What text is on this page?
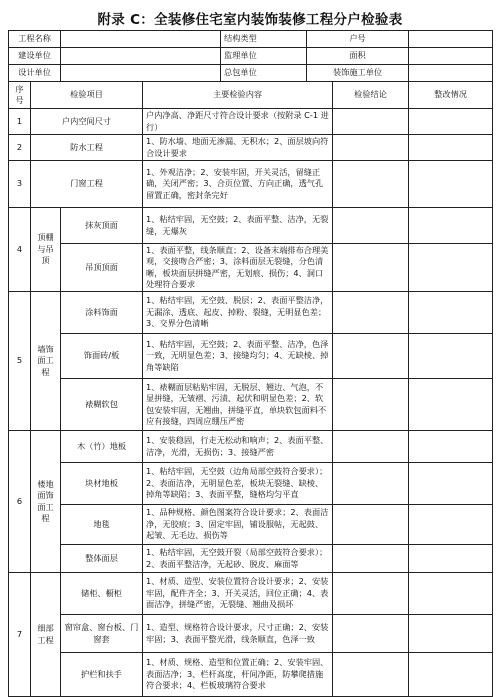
附录 C：全装修住宅室内装饰装修工程分户检验表
工程名称				结构类型	户号		
建设单位				监理单位	面积		
设计单位				总包单位	装饰施工单位		
序号	检验项目		主要检验内容			检验结论	整改情况
1	户内空间尺寸		户内净高、净距尺寸符合设计要求（按附录 C-1 进行）				
2	防水工程		1、防水墙、地面无渗漏、无积水；2、面层坡向符合设计要求				
3	门窗工程		1、外观洁净；2、安装牢固，开关灵活，留缝正确，关闭严密；3、合页位置、方向正确，透气孔留置正确，密封条完好				
4	顶棚与吊顶	抹灰顶面	1、粘结牢固，无空鼓；2、表面平整、洁净，无裂缝，无爆灰				
		吊顶顶面	1、表面平整，线条顺直；2、设备末端排布合理美观，交接吻合严密；3、涂料面层无裂缝，分色清晰，板块面层拼缝严密，无划痕、损伤；4、洞口处理符合要求				
5	墙饰面工程	涂料饰面	1、粘结牢固，无空鼓、脱层；2、表面平整洁净，无漏涂、透底、起皮、掉粉、裂缝，无明显色差；3、交界分色清晰				
		饰面砖/板	1、粘结牢固，无空鼓；2、表面平整、洁净，色泽一致，无明显色差；3、接缝均匀；4、无缺棱、掉角等缺陷				
		裱糊软包	1、裱糊面层粘贴牢固，无脱层、翘边、气泡，不显拼缝，无皱褶、污渍、起伏和明显色差；2、软包安装牢固，无翘曲，拼缝平直，单块软包面料不应有接缝，四周应绷压严密				
6	楼地面饰面工程	木（竹）地板	1、安装稳固，行走无松动和响声；2、表面平整、洁净，光滑，无损伤；3、接缝严密				
		块材地板	1、粘结牢固，无空鼓（边角局部空鼓符合要求）；2、表面洁净，无明显色差，板块无裂缝、缺棱、掉角等缺陷；3、表面平整，缝格均匀平直				
		地毯	1、品种规格、颜色图案符合设计要求；2、表面洁净，无胶痕；3、固定牢固，铺设服帖，无起鼓、起皱、无毛边、损伤等				
		整体面层	1、粘结牢固，无空鼓开裂（局部空鼓符合要求）；2、表面平整洁净，无起砂、脱皮、麻面等				
7	细部工程	储柜、橱柜	1、材质、造型、安装位置符合设计要求；2、安装牢固，配件齐全；3、开关灵活，回位正确；4、表面洁净，拼缝严密，无裂缝、翘曲及损坏				
		窗帘盒、窗台板、门窗套	1、造型、规格符合设计要求，尺寸正确；2、安装牢固；3、表面平整光滑，线条顺直，色泽一致				
		护栏和扶手	1、材质、规格、造型和位置正确；2、安装牢固、表面洁净；3、栏杆高度，杆间净距，防攀爬措施符合要求；4、栏板玻璃符合要求				
